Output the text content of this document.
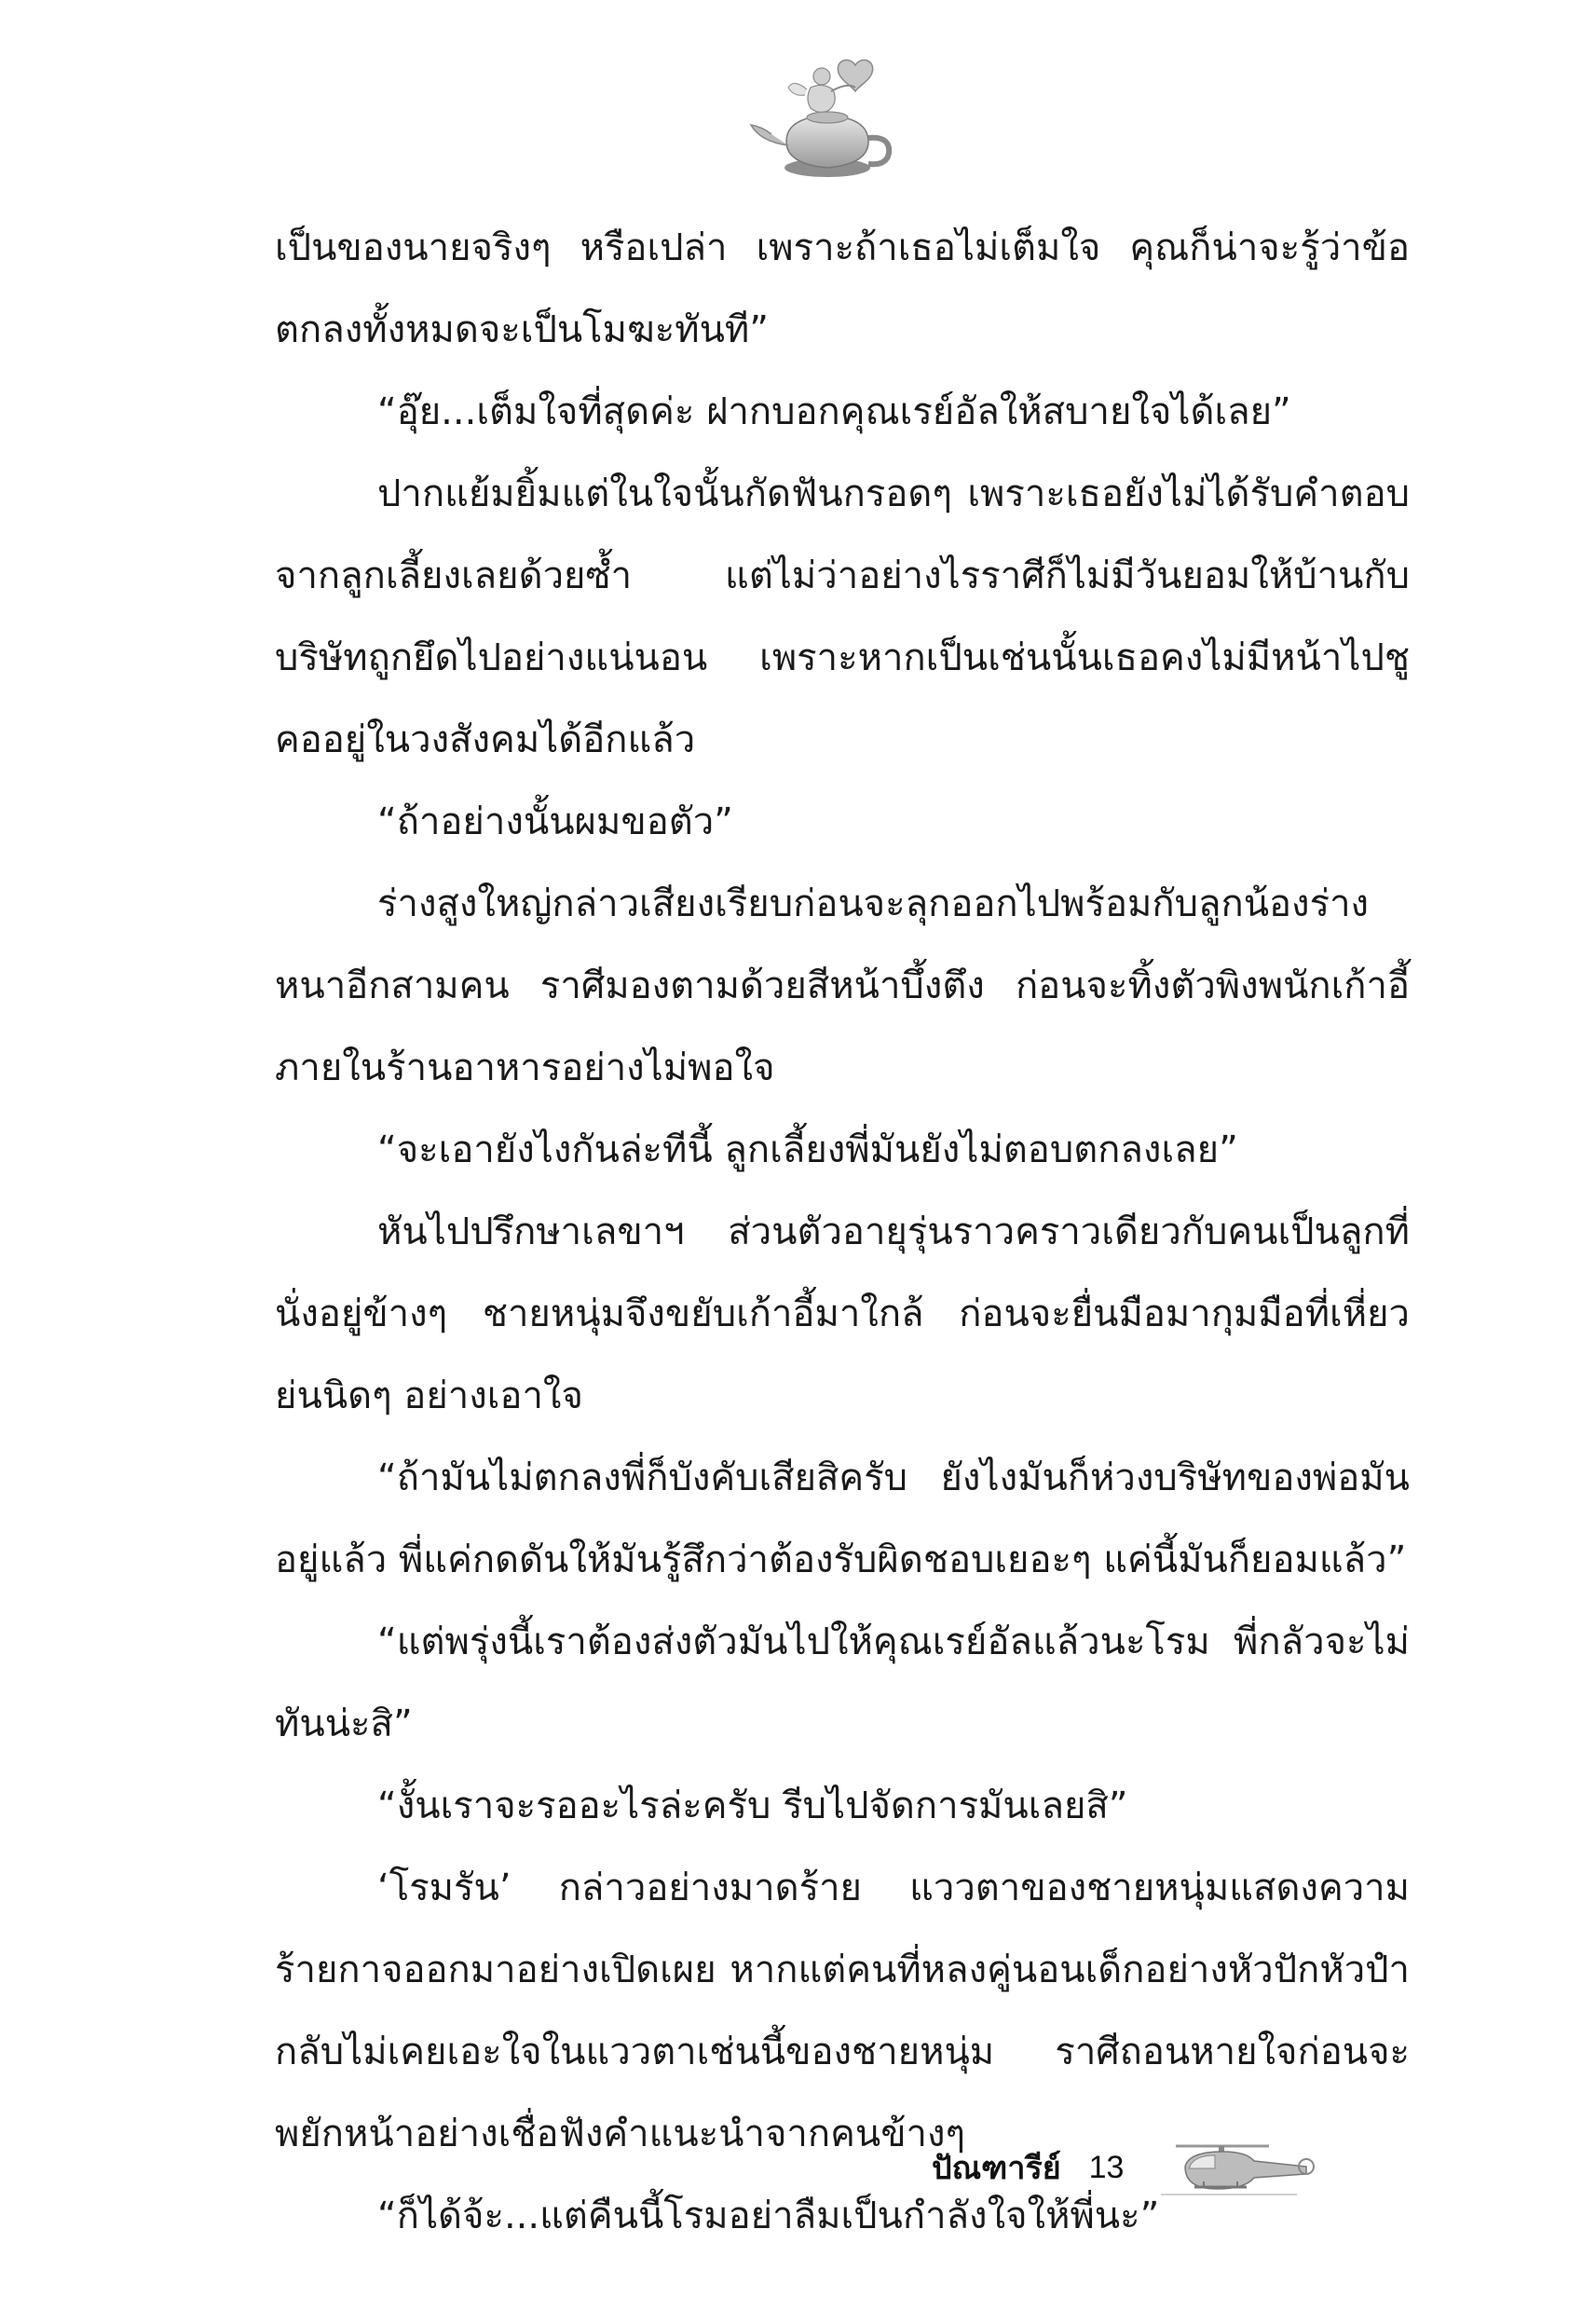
เป็นของนายจริงๆ หรือเปล่า เพราะถ้าเธอไม่เต็มใจ คุณก็น่าจะรู้ว่าข้อตกลงทั้งหมดจะเป็นโมฆะทันที”

“อุ๊ย...เต็มใจที่สุดค่ะ ฝากบอกคุณเรย์อัลให้สบายใจได้เลย”

ปากแย้มยิ้มแต่ในใจนั้นกัดฟันกรอดๆ เพราะเธอยังไม่ได้รับคำตอบจากลูกเลี้ยงเลยด้วยซ้ำ แต่ไม่ว่าอย่างไรราศีก็ไม่มีวันยอมให้บ้านกับบริษัทถูกยึดไปอย่างแน่นอน เพราะหากเป็นเช่นนั้นเธอคงไม่มีหน้าไปชูคออยู่ในวงสังคมได้อีกแล้ว

“ถ้าอย่างนั้นผมขอตัว”

ร่างสูงใหญ่กล่าวเสียงเรียบก่อนจะลุกออกไปพร้อมกับลูกน้องร่างหนาอีกสามคน ราศีมองตามด้วยสีหน้าบึ้งตึง ก่อนจะทิ้งตัวพิงพนักเก้าอี้ภายในร้านอาหารอย่างไม่พอใจ

“จะเอายังไงกันล่ะทีนี้ ลูกเลี้ยงพี่มันยังไม่ตอบตกลงเลย”

หันไปปรึกษาเลขาฯ ส่วนตัวอายุรุ่นราวคราวเดียวกับคนเป็นลูกที่นั่งอยู่ข้างๆ ชายหนุ่มจึงขยับเก้าอี้มาใกล้ ก่อนจะยื่นมือมากุมมือที่เหี่ยวย่นนิดๆ อย่างเอาใจ

“ถ้ามันไม่ตกลงพี่ก็บังคับเสียสิครับ ยังไงมันก็ห่วงบริษัทของพ่อมันอยู่แล้ว พี่แค่กดดันให้มันรู้สึกว่าต้องรับผิดชอบเยอะๆ แค่นี้มันก็ยอมแล้ว”

“แต่พรุ่งนี้เราต้องส่งตัวมันไปให้คุณเรย์อัลแล้วนะโรม พี่กลัวจะไม่ทันน่ะสิ”

“งั้นเราจะรออะไรล่ะครับ รีบไปจัดการมันเลยสิ”

‘โรมรัน’ กล่าวอย่างมาดร้าย แววตาของชายหนุ่มแสดงความร้ายกาจออกมาอย่างเปิดเผย หากแต่คนที่หลงคู่นอนเด็กอย่างหัวปักหัวปำกลับไม่เคยเอะใจในแววตาเช่นนี้ของชายหนุ่ม ราศีถอนหายใจก่อนจะพยักหน้าอย่างเชื่อฟังคำแนะนำจากคนข้างๆ

“ก็ได้จ้ะ...แต่คืนนี้โรมอย่าลืมเป็นกำลังใจให้พี่นะ”

ปัณฑารีย์ 13
